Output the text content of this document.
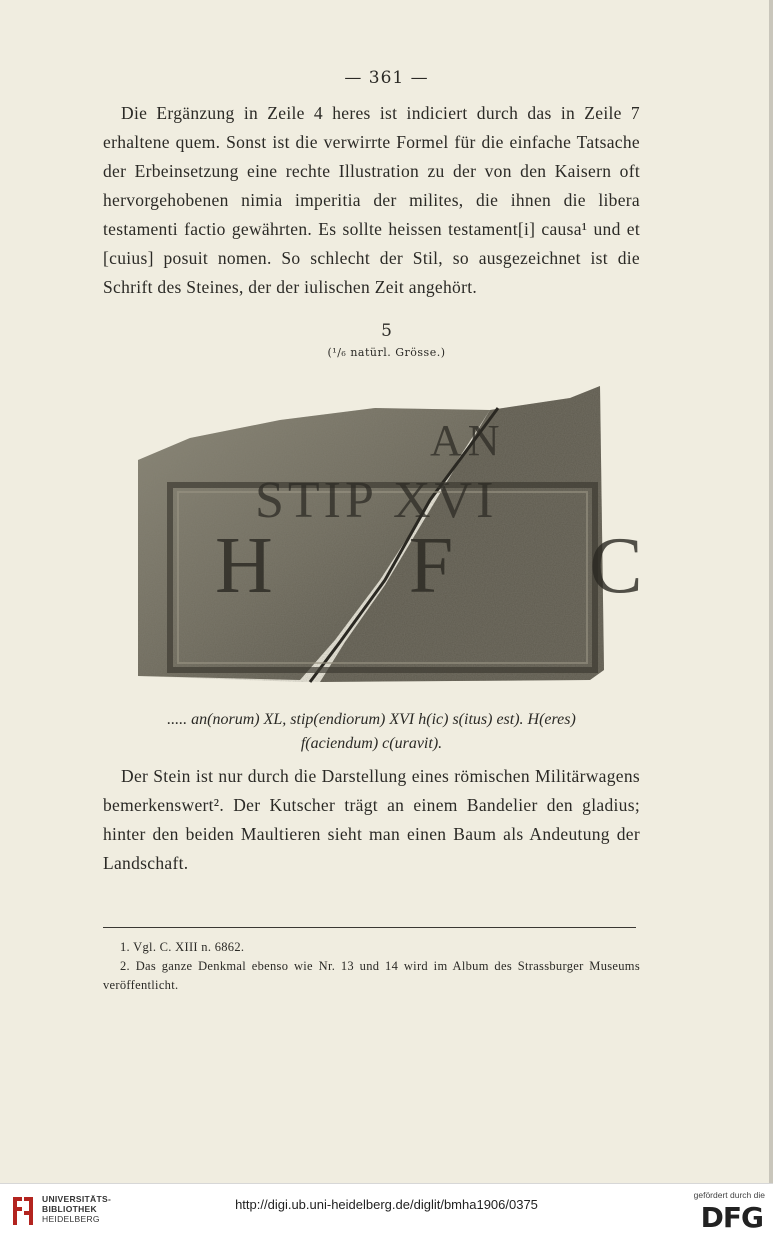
— 361 —

Die Ergänzung in Zeile 4 heres ist indiciert durch das in Zeile 7 erhaltene quem. Sonst ist die verwirrte Formel für die einfache Tatsache der Erbeinsetzung eine rechte Illustration zu der von den Kaisern oft hervorgehobenen nimia imperitia der milites, die ihnen die libera testamenti factio gewährten. Es sollte heissen testament[i] causa¹ und et [cuius] posuit nomen. So schlecht der Stil, so ausgezeichnet ist die Schrift des Steines, der der iulischen Zeit angehört.

5
(¹/₆ natürl. Grösse.)
AN
STIP XVI
H F C
..... an(norum) XL, stip(endiorum) XVI h(ic) s(itus) est). H(eres)
f(aciendum) c(uravit).

Der Stein ist nur durch die Darstellung eines römischen Militärwagens bemerkenswert². Der Kutscher trägt an einem Bandelier den gladius; hinter den beiden Maultieren sieht man einen Baum als Andeutung der Landschaft.

1. Vgl. C. XIII n. 6862.

2. Das ganze Denkmal ebenso wie Nr. 13 und 14 wird im Album des Strassburger Museums veröffentlicht.

UNIVERSITÄTS-
BIBLIOTHEK
HEIDELBERG
http://digi.ub.uni-heidelberg.de/diglit/bmha1906/0375
gefördert durch die
DFG
